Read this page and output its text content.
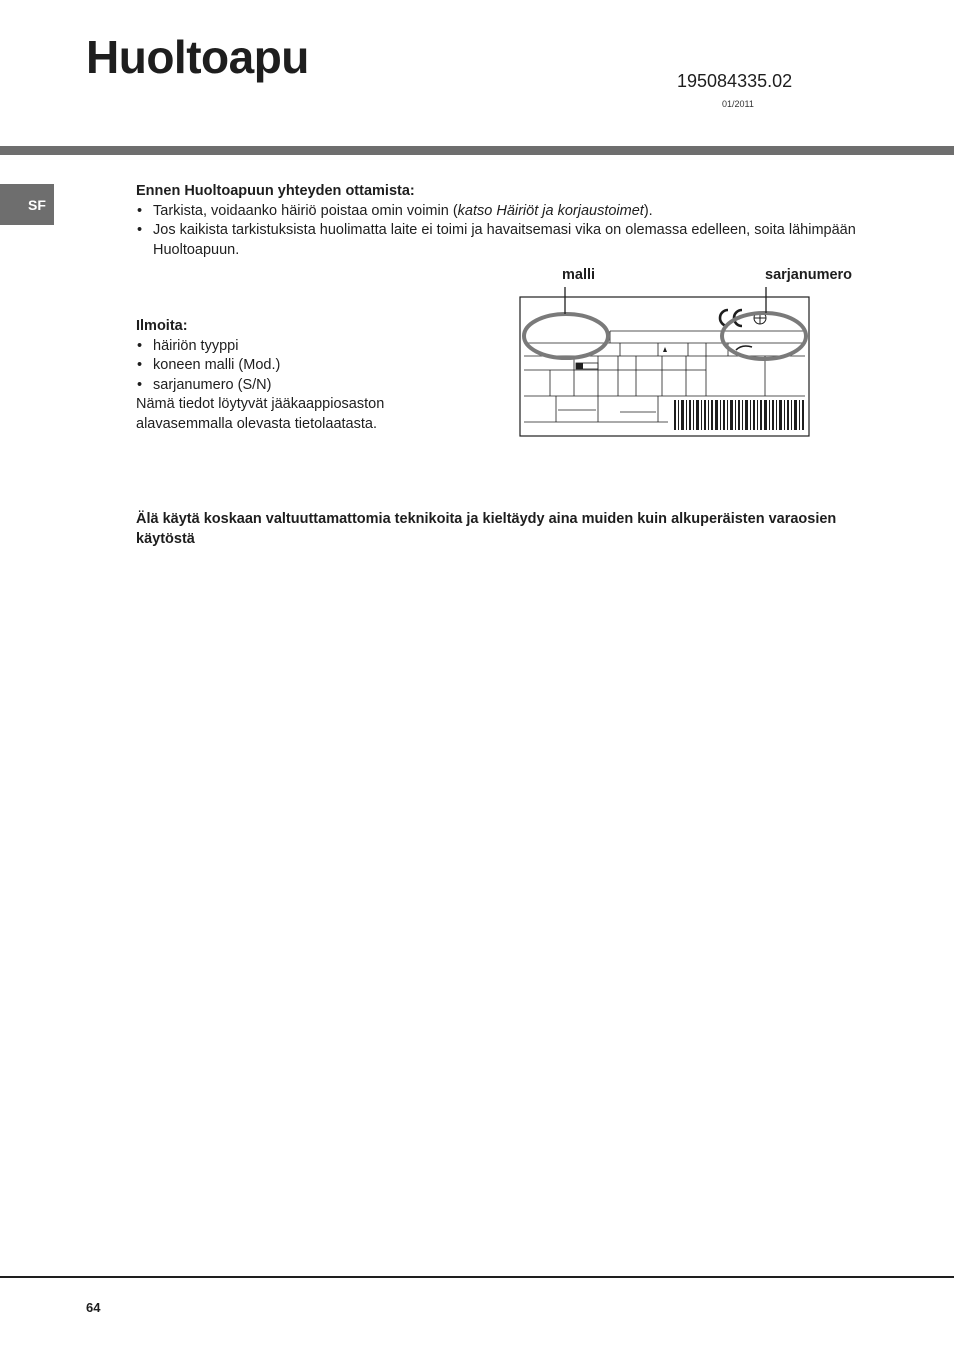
Huoltoapu	195084335.02
01/2011
SF
Ennen Huoltoapuun yhteyden ottamista:
• Tarkista, voidaanko häiriö poistaa omin voimin (katso Häiriöt ja korjaustoimet).
• Jos kaikista tarkistuksista huolimatta laite ei toimi ja havaitsemasi vika on olemassa edelleen, soita lähimpään Huoltoapuun.
Ilmoita:
• häiriön tyyppi
• koneen malli (Mod.)
• sarjanumero (S/N)
Nämä tiedot löytyvät jääkaappiosaston alavasemmalla olevasta tietolaatasta.
malli	sarjanumero
Älä käytä koskaan valtuuttamattomia teknikoita ja kieltäydy aina muiden kuin alkuperäisten varaosien käytöstä
64
